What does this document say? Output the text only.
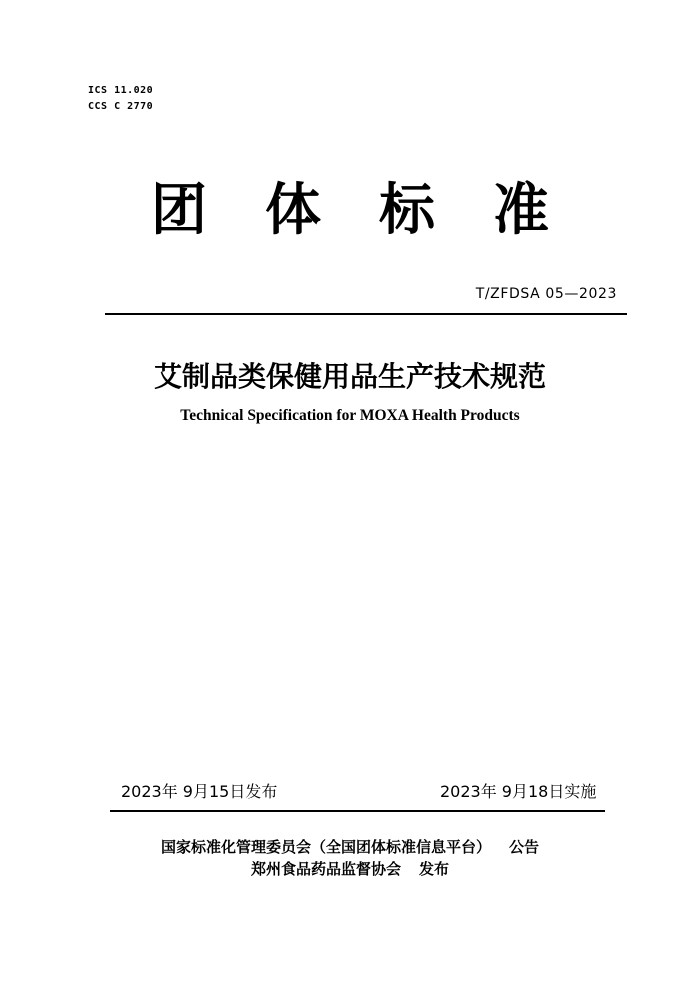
ICS 11.020
CCS C 2770
团 体 标 准
T/ZFDSA 05—2023
艾制品类保健用品生产技术规范
Technical Specification for MOXA Health Products
2023年 9月15日发布	2023年 9月18日实施
国家标准化管理委员会（全国团体标准信息平台） 公告
郑州食品药品监督协会 发布
